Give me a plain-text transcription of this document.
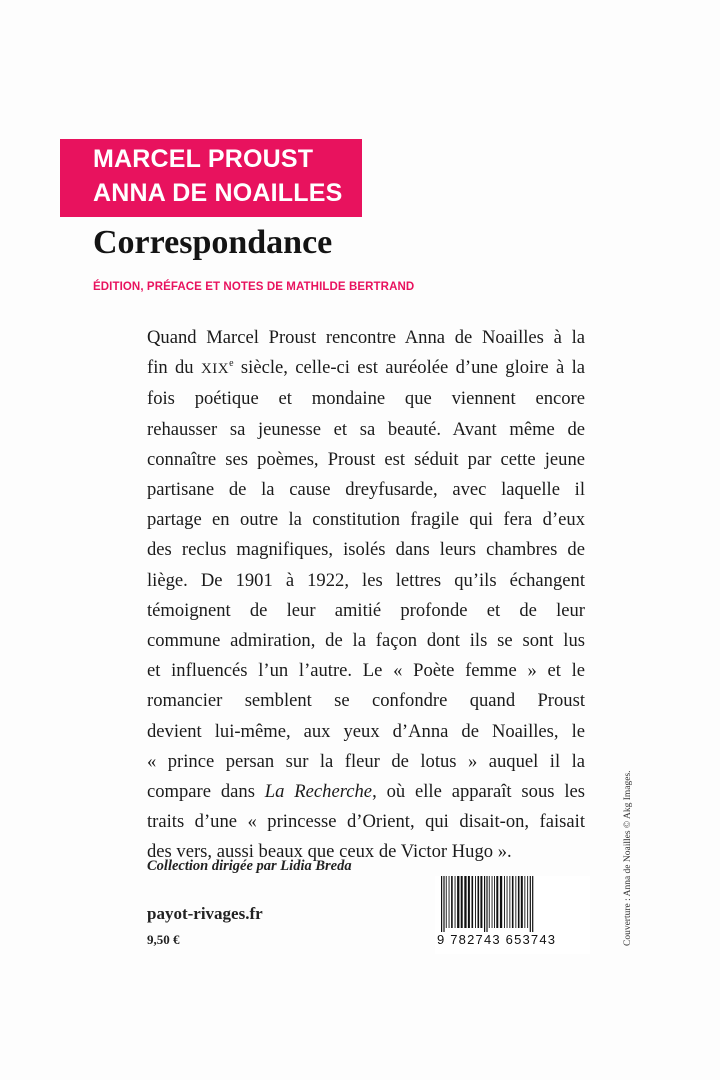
MARCEL PROUST
ANNA DE NOAILLES
Correspondance
ÉDITION, PRÉFACE ET NOTES DE MATHILDE BERTRAND
Quand Marcel Proust rencontre Anna de Noailles à la
fin du XIXe siècle, celle-ci est auréolée d’une gloire à la
fois poétique et mondaine que viennent encore
rehausser sa jeunesse et sa beauté. Avant même de
connaître ses poèmes, Proust est séduit par cette jeune
partisane de la cause dreyfusarde, avec laquelle il
partage en outre la constitution fragile qui fera d’eux
des reclus magnifiques, isolés dans leurs chambres de
liège. De 1901 à 1922, les lettres qu’ils échangent
témoignent de leur amitié profonde et de leur
commune admiration, de la façon dont ils se sont lus
et influencés l’un l’autre. Le « Poète femme » et le
romancier semblent se confondre quand Proust
devient lui-même, aux yeux d’Anna de Noailles, le
« prince persan sur la fleur de lotus » auquel il la
compare dans La Recherche, où elle apparaît sous les
traits d’une « princesse d’Orient, qui disait-on, faisait
des vers, aussi beaux que ceux de Victor Hugo ».
Collection dirigée par Lidia Breda
payot-rivages.fr
9,50 €	9 782743 653743	Couverture : Anna de Noailles © Akg Images.
